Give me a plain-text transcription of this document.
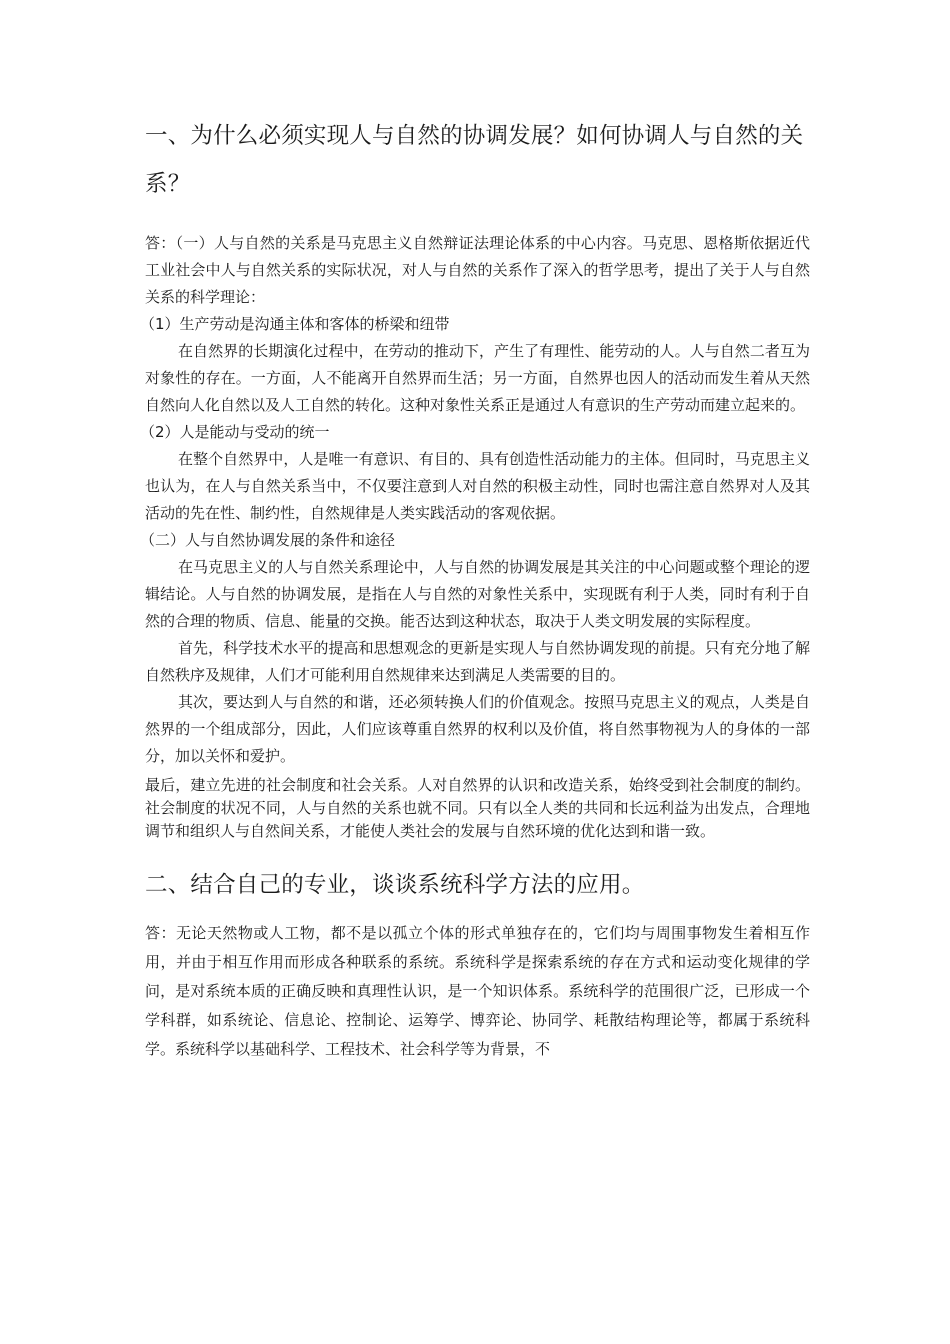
一、为什么必须实现人与自然的协调发展？如何协调人与自然的关系？

答：（一）人与自然的关系是马克思主义自然辩证法理论体系的中心内容。马克思、恩格斯依据近代工业社会中人与自然关系的实际状况，对人与自然的关系作了深入的哲学思考，提出了关于人与自然关系的科学理论：

（1）生产劳动是沟通主体和客体的桥梁和纽带

在自然界的长期演化过程中，在劳动的推动下，产生了有理性、能劳动的人。人与自然二者互为对象性的存在。一方面，人不能离开自然界而生活；另一方面，自然界也因人的活动而发生着从天然自然向人化自然以及人工自然的转化。这种对象性关系正是通过人有意识的生产劳动而建立起来的。

（2）人是能动与受动的统一

在整个自然界中，人是唯一有意识、有目的、具有创造性活动能力的主体。但同时，马克思主义也认为，在人与自然关系当中，不仅要注意到人对自然的积极主动性，同时也需注意自然界对人及其活动的先在性、制约性，自然规律是人类实践活动的客观依据。

（二）人与自然协调发展的条件和途径

在马克思主义的人与自然关系理论中，人与自然的协调发展是其关注的中心问题或整个理论的逻辑结论。人与自然的协调发展，是指在人与自然的对象性关系中，实现既有利于人类，同时有利于自然的合理的物质、信息、能量的交换。能否达到这种状态，取决于人类文明发展的实际程度。

首先，科学技术水平的提高和思想观念的更新是实现人与自然协调发现的前提。只有充分地了解自然秩序及规律，人们才可能利用自然规律来达到满足人类需要的目的。

其次，要达到人与自然的和谐，还必须转换人们的价值观念。按照马克思主义的观点，人类是自然界的一个组成部分，因此，人们应该尊重自然界的权利以及价值，将自然事物视为人的身体的一部分，加以关怀和爱护。

最后，建立先进的社会制度和社会关系。人对自然界的认识和改造关系，始终受到社会制度的制约。社会制度的状况不同，人与自然的关系也就不同。只有以全人类的共同和长远利益为出发点，合理地调节和组织人与自然间关系，才能使人类社会的发展与自然环境的优化达到和谐一致。

二、结合自己的专业，谈谈系统科学方法的应用。

答：无论天然物或人工物，都不是以孤立个体的形式单独存在的，它们均与周围事物发生着相互作用，并由于相互作用而形成各种联系的系统。系统科学是探索系统的存在方式和运动变化规律的学问，是对系统本质的正确反映和真理性认识，是一个知识体系。系统科学的范围很广泛，已形成一个学科群，如系统论、信息论、控制论、运筹学、博弈论、协同学、耗散结构理论等，都属于系统科学。系统科学以基础科学、工程技术、社会科学等为背景，不
